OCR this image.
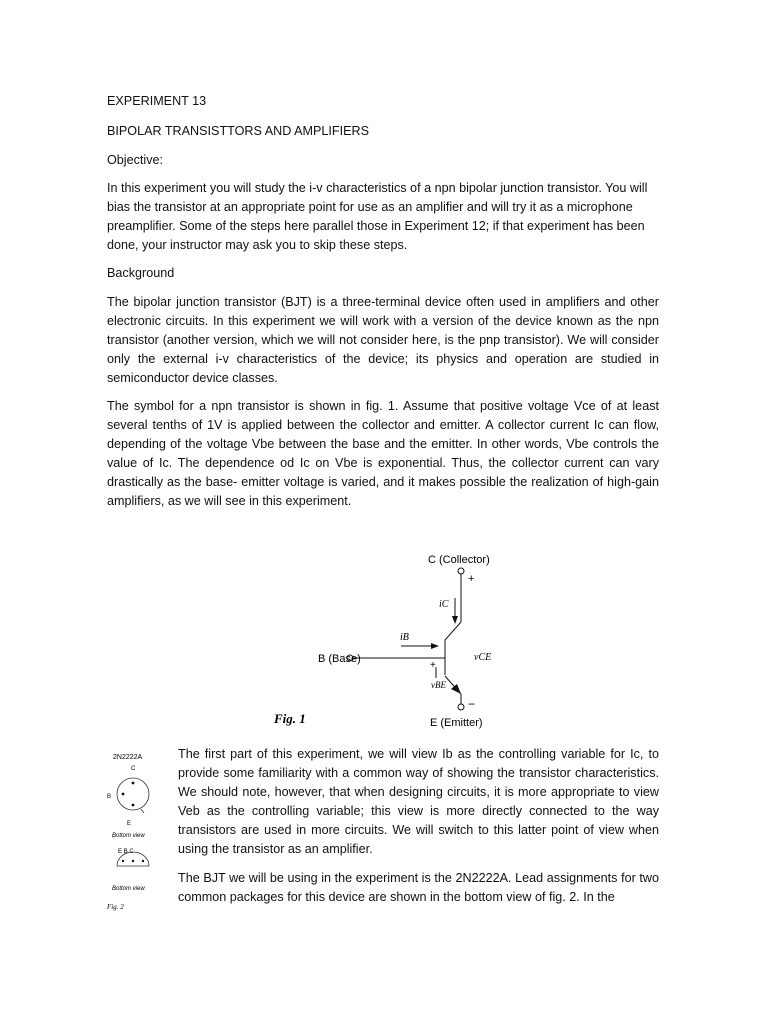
EXPERIMENT 13

BIPOLAR TRANSISTTORS AND AMPLIFIERS

Objective:

In this experiment you will study the i-v characteristics of a npn bipolar junction transistor. You will bias the transistor at an appropriate point for use as an amplifier and will try it as a microphone preamplifier. Some of the steps here parallel those in Experiment 12; if that experiment has been done, your instructor may ask you to skip these steps.

Background

The bipolar junction transistor (BJT) is a three-terminal device often used in amplifiers and other electronic circuits. In this experiment we will work with a version of the device known as the npn transistor (another version, which we will not consider here, is the pnp transistor). We will consider only the external i-v characteristics of the device; its physics and operation are studied in semiconductor device classes.

The symbol for a npn transistor is shown in fig. 1. Assume that positive voltage Vce of at least several tenths of 1V is applied between the collector and emitter. A collector current Ic can flow, depending of the voltage Vbe between the base and the emitter. In other words, Vbe controls the value of Ic. The dependence od Ic on Vbe is exponential. Thus, the collector current can vary drastically as the base- emitter voltage is varied, and it makes possible the realization of high-gain amplifiers, as we will see in this experiment.

C (Collector)
B (Base)
E (Emitter)
+
−
+
iC
iB
vCE
vBE
Fig. 1
2N2222A
C
B
E
Bottom view
E B C
Bottom view
Fig. 2

The first part of this experiment, we will view Ib as the controlling variable for Ic, to provide some familiarity with a common way of showing the transistor characteristics. We should note, however, that when designing circuits, it is more appropriate to view Veb as the controlling variable; this view is more directly connected to the way transistors are used in more circuits. We will switch to this latter point of view when using the transistor as an amplifier.

The BJT we will be using in the experiment is the 2N2222A. Lead assignments for two common packages for this device are shown in the bottom view of fig. 2. In the
